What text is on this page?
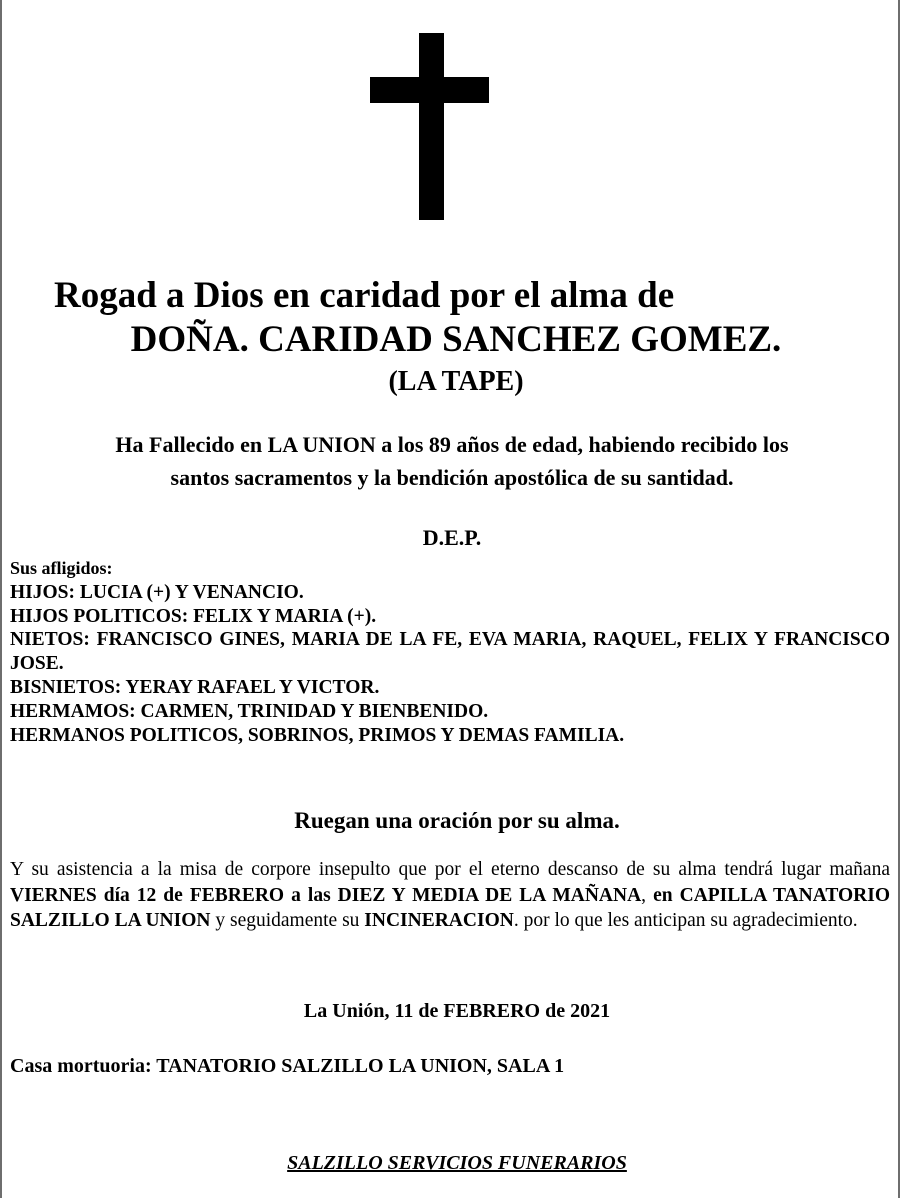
Rogad a Dios en caridad por el alma de

DOÑA. CARIDAD SANCHEZ GOMEZ.

(LA TAPE)

Ha Fallecido en LA UNION a los 89 años de edad, habiendo recibido los

santos sacramentos y la bendición apostólica de su santidad.

D.E.P.

Sus afligidos:
HIJOS: LUCIA (+) Y VENANCIO.
HIJOS POLITICOS: FELIX Y MARIA (+).
NIETOS: FRANCISCO GINES, MARIA DE LA FE, EVA MARIA, RAQUEL, FELIX Y FRANCISCO JOSE.
BISNIETOS: YERAY RAFAEL Y VICTOR.
HERMAMOS: CARMEN, TRINIDAD Y BIENBENIDO.
HERMANOS POLITICOS, SOBRINOS, PRIMOS Y DEMAS FAMILIA.

Ruegan una oración por su alma.

Y su asistencia a la misa de corpore insepulto que por el eterno descanso de su alma tendrá lugar mañana VIERNES día 12 de FEBRERO a las DIEZ Y MEDIA DE LA MAÑANA, en CAPILLA TANATORIO SALZILLO LA UNION y seguidamente su INCINERACION. por lo que les anticipan su agradecimiento.

La Unión, 11 de FEBRERO de 2021

Casa mortuoria: TANATORIO SALZILLO LA UNION, SALA 1

SALZILLO SERVICIOS FUNERARIOS
